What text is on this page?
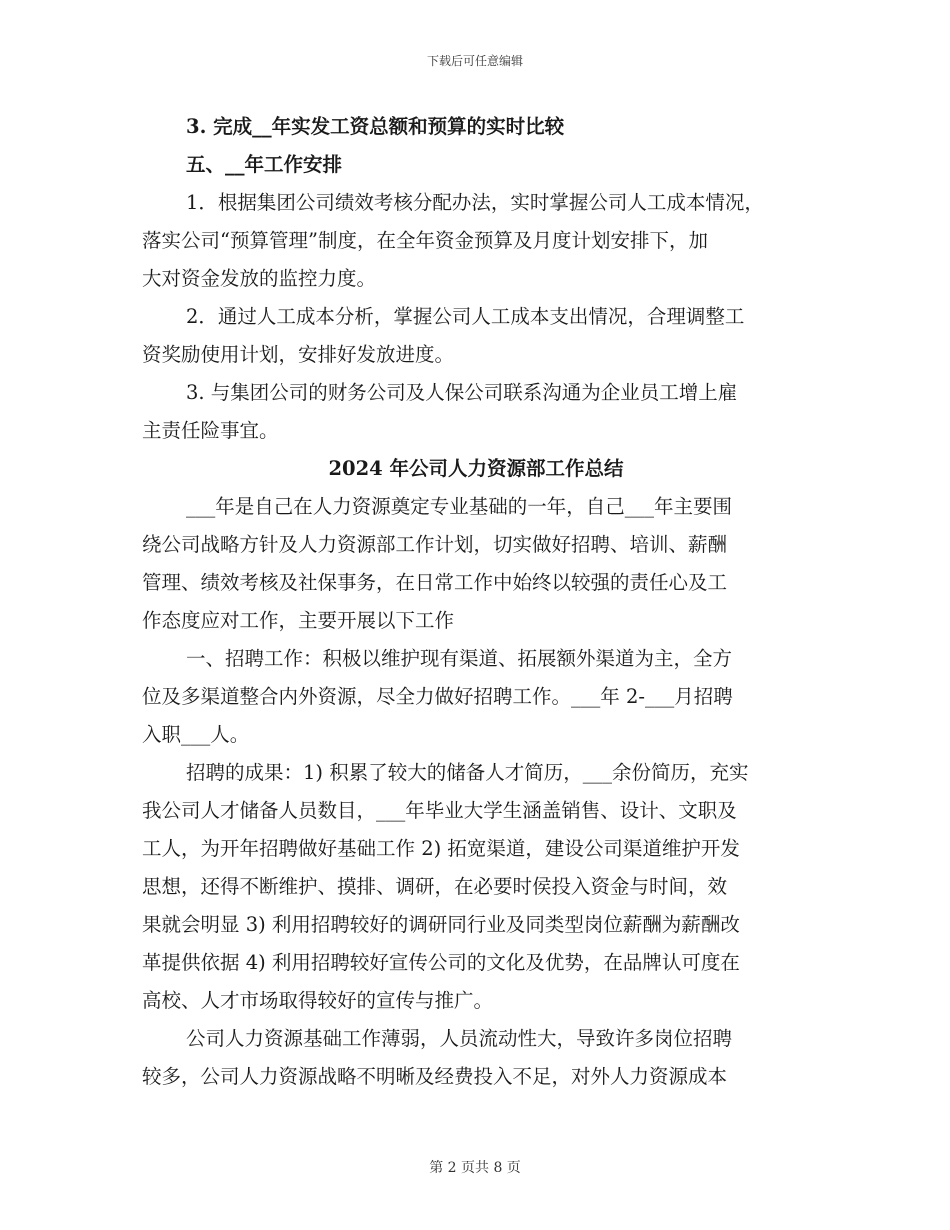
下载后可任意编辑
3. 完成__年实发工资总额和预算的实时比较
五、__年工作安排
1．根据集团公司绩效考核分配办法，实时掌握公司人工成本情况，
落实公司“预算管理”制度，在全年资金预算及月度计划安排下，加
大对资金发放的监控力度。
2．通过人工成本分析，掌握公司人工成本支出情况，合理调整工
资奖励使用计划，安排好发放进度。
3. 与集团公司的财务公司及人保公司联系沟通为企业员工增上雇
主责任险事宜。
2024 年公司人力资源部工作总结
___年是自己在人力资源奠定专业基础的一年，自己___年主要围
绕公司战略方针及人力资源部工作计划，切实做好招聘、培训、薪酬
管理、绩效考核及社保事务，在日常工作中始终以较强的责任心及工
作态度应对工作，主要开展以下工作
一、招聘工作：积极以维护现有渠道、拓展额外渠道为主，全方
位及多渠道整合内外资源，尽全力做好招聘工作。___年 2-___月招聘
入职___人。
招聘的成果：1) 积累了较大的储备人才简历，___余份简历，充实
我公司人才储备人员数目，___年毕业大学生涵盖销售、设计、文职及
工人，为开年招聘做好基础工作 2) 拓宽渠道，建设公司渠道维护开发
思想，还得不断维护、摸排、调研，在必要时侯投入资金与时间，效
果就会明显 3) 利用招聘较好的调研同行业及同类型岗位薪酬为薪酬改
革提供依据 4) 利用招聘较好宣传公司的文化及优势，在品牌认可度在
高校、人才市场取得较好的宣传与推广。
公司人力资源基础工作薄弱，人员流动性大，导致许多岗位招聘
较多，公司人力资源战略不明晰及经费投入不足，对外人力资源成本
第 2 页共 8 页
